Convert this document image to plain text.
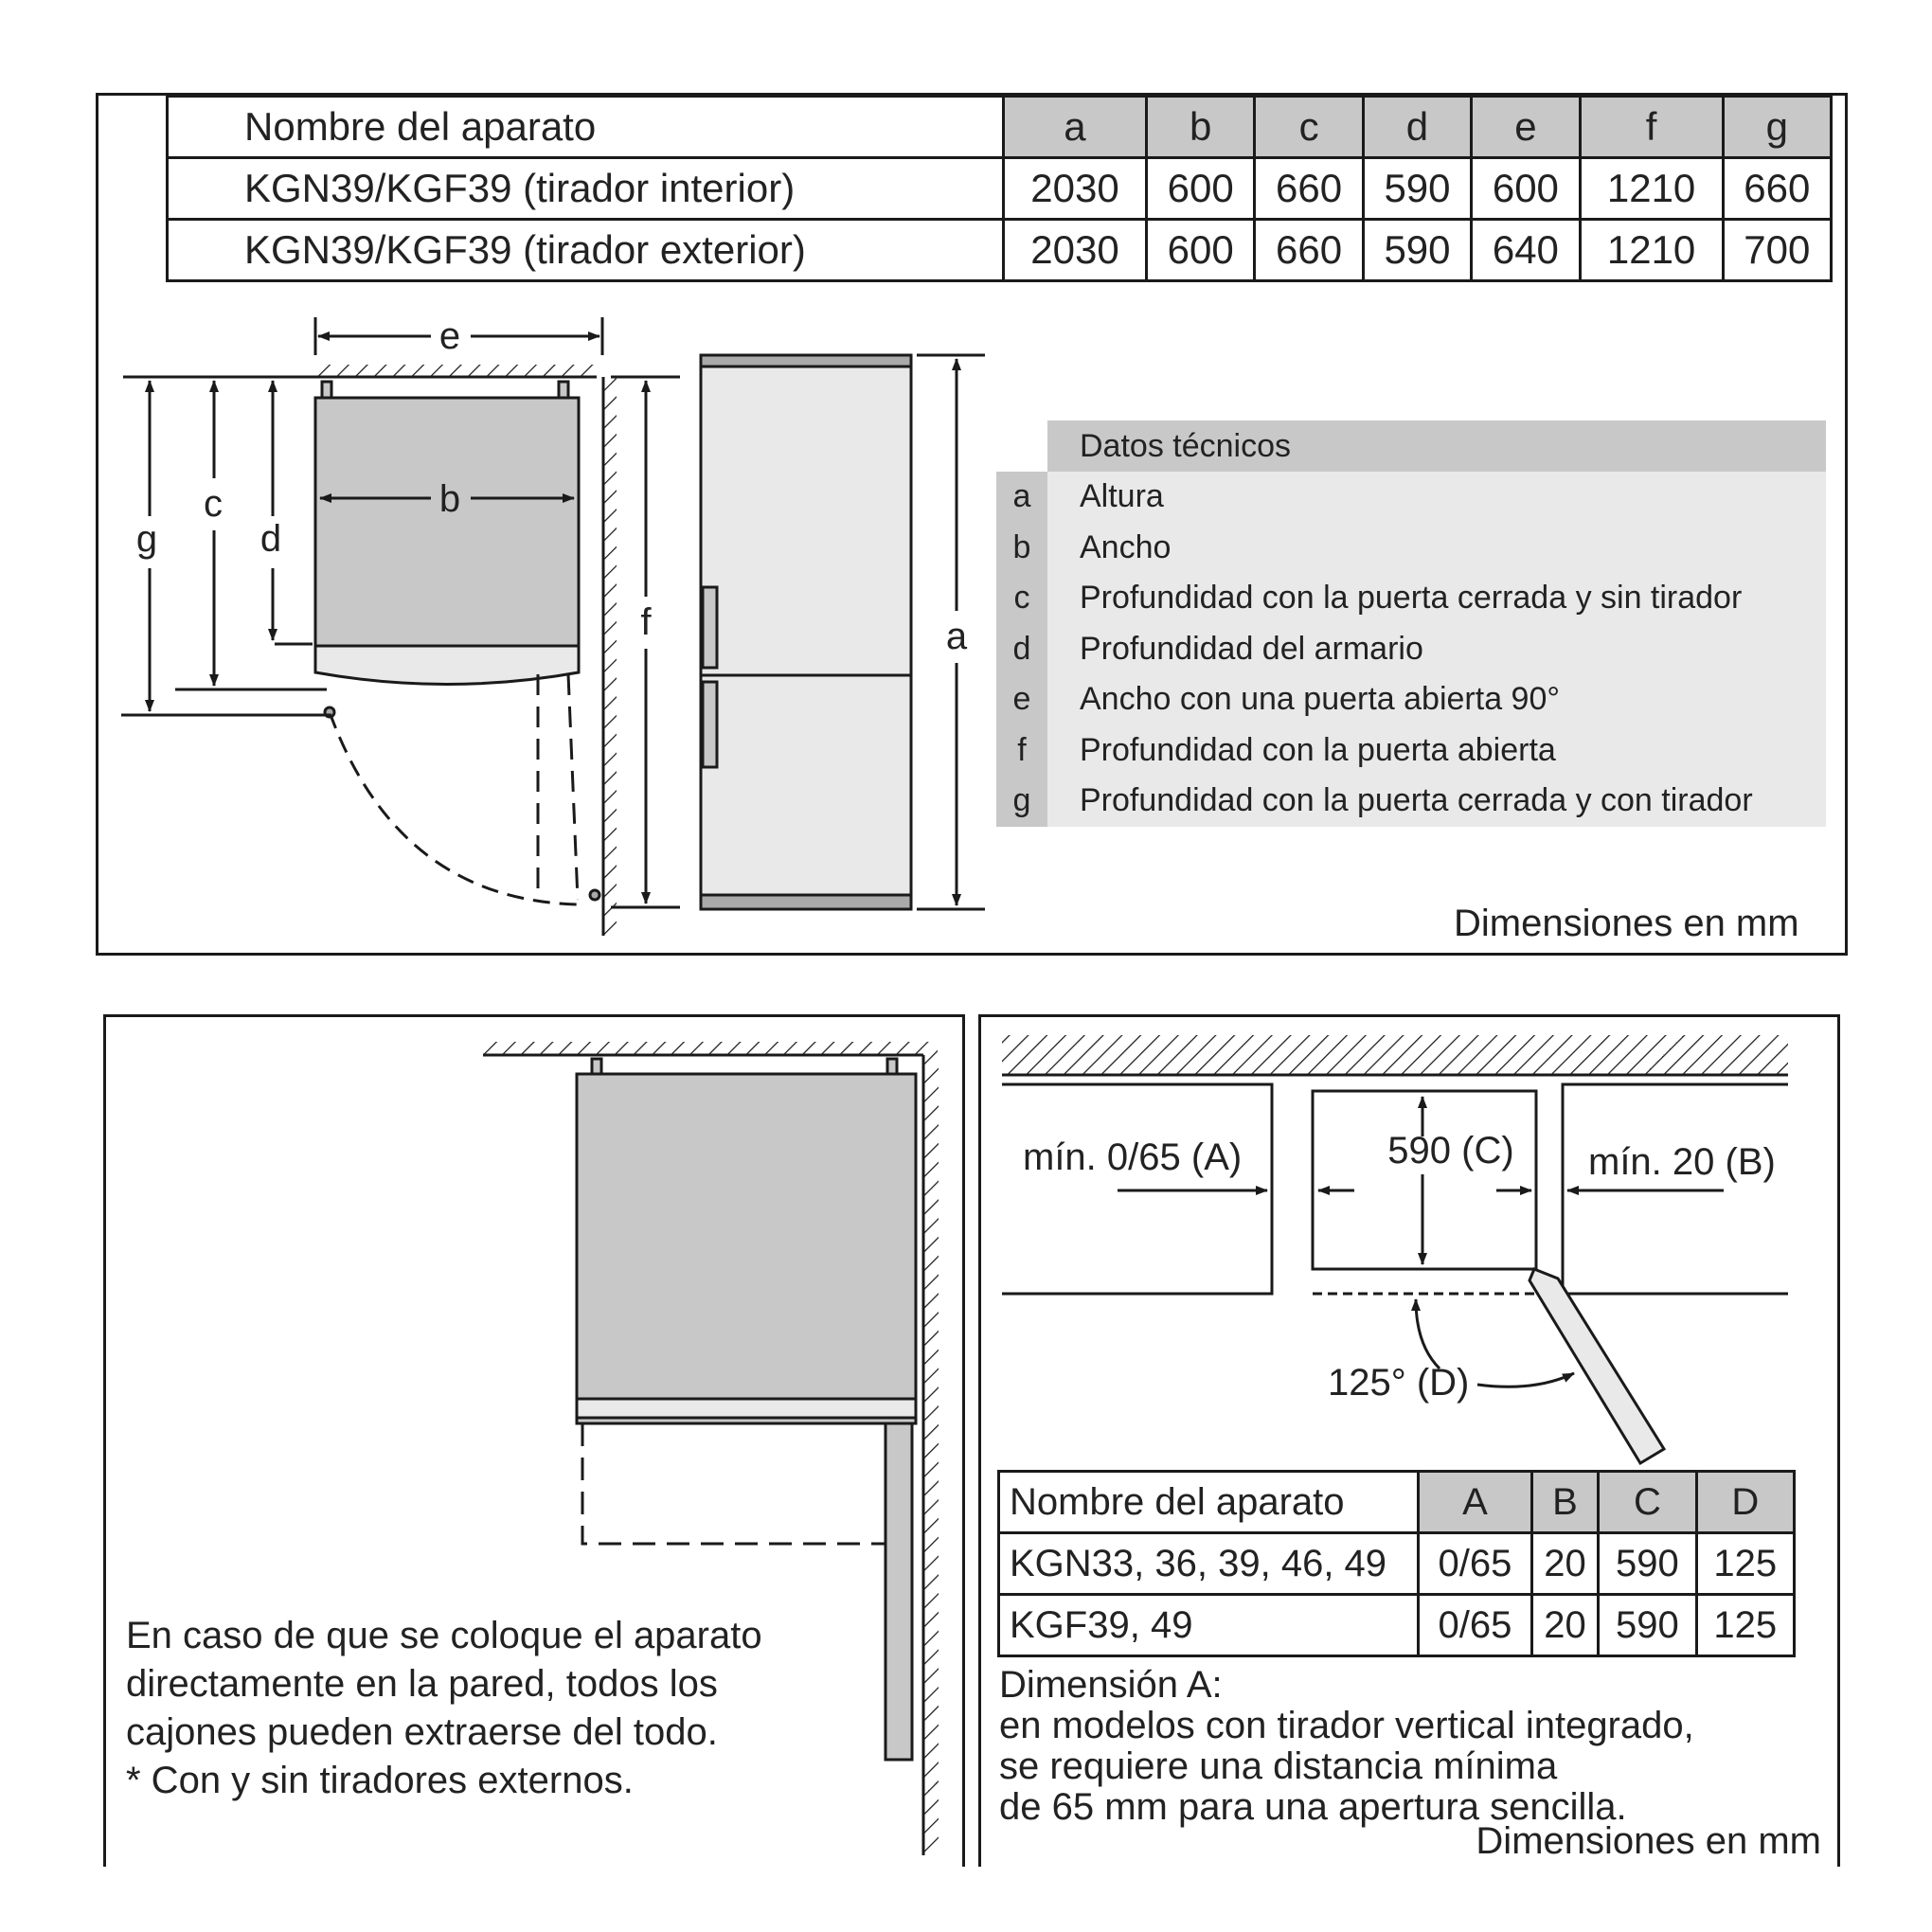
e
b
g
c
d
f	a
mín. 0/65 (A)	590 (C) mín. 20 (B)
125° (D)
Nombre del aparato	a	b	c	d	e	f	g
KGN39/KGF39 (tirador interior)	2030	600	660	590	600	1210	660
KGN39/KGF39 (tirador exterior)	2030	600	660	590	640	1210	700
Datos técnicos
a	Altura
b	Ancho
c	Profundidad con la puerta cerrada y sin tirador
d	Profundidad del armario
e	Ancho con una puerta abierta 90°
f	Profundidad con la puerta abierta
g	Profundidad con la puerta cerrada y con tirador
Dimensiones en mm
En caso de que se coloque el aparato
directamente en la pared, todos los
cajones pueden extraerse del todo.
* Con y sin tiradores externos.
Nombre del aparato	A	B	C	D
KGN33, 36, 39, 46, 49	0/65	20	590	125
KGF39, 49	0/65	20	590	125
Dimensión A:
en modelos con tirador vertical integrado,
se requiere una distancia mínima
de 65 mm para una apertura sencilla.
Dimensiones en mm
